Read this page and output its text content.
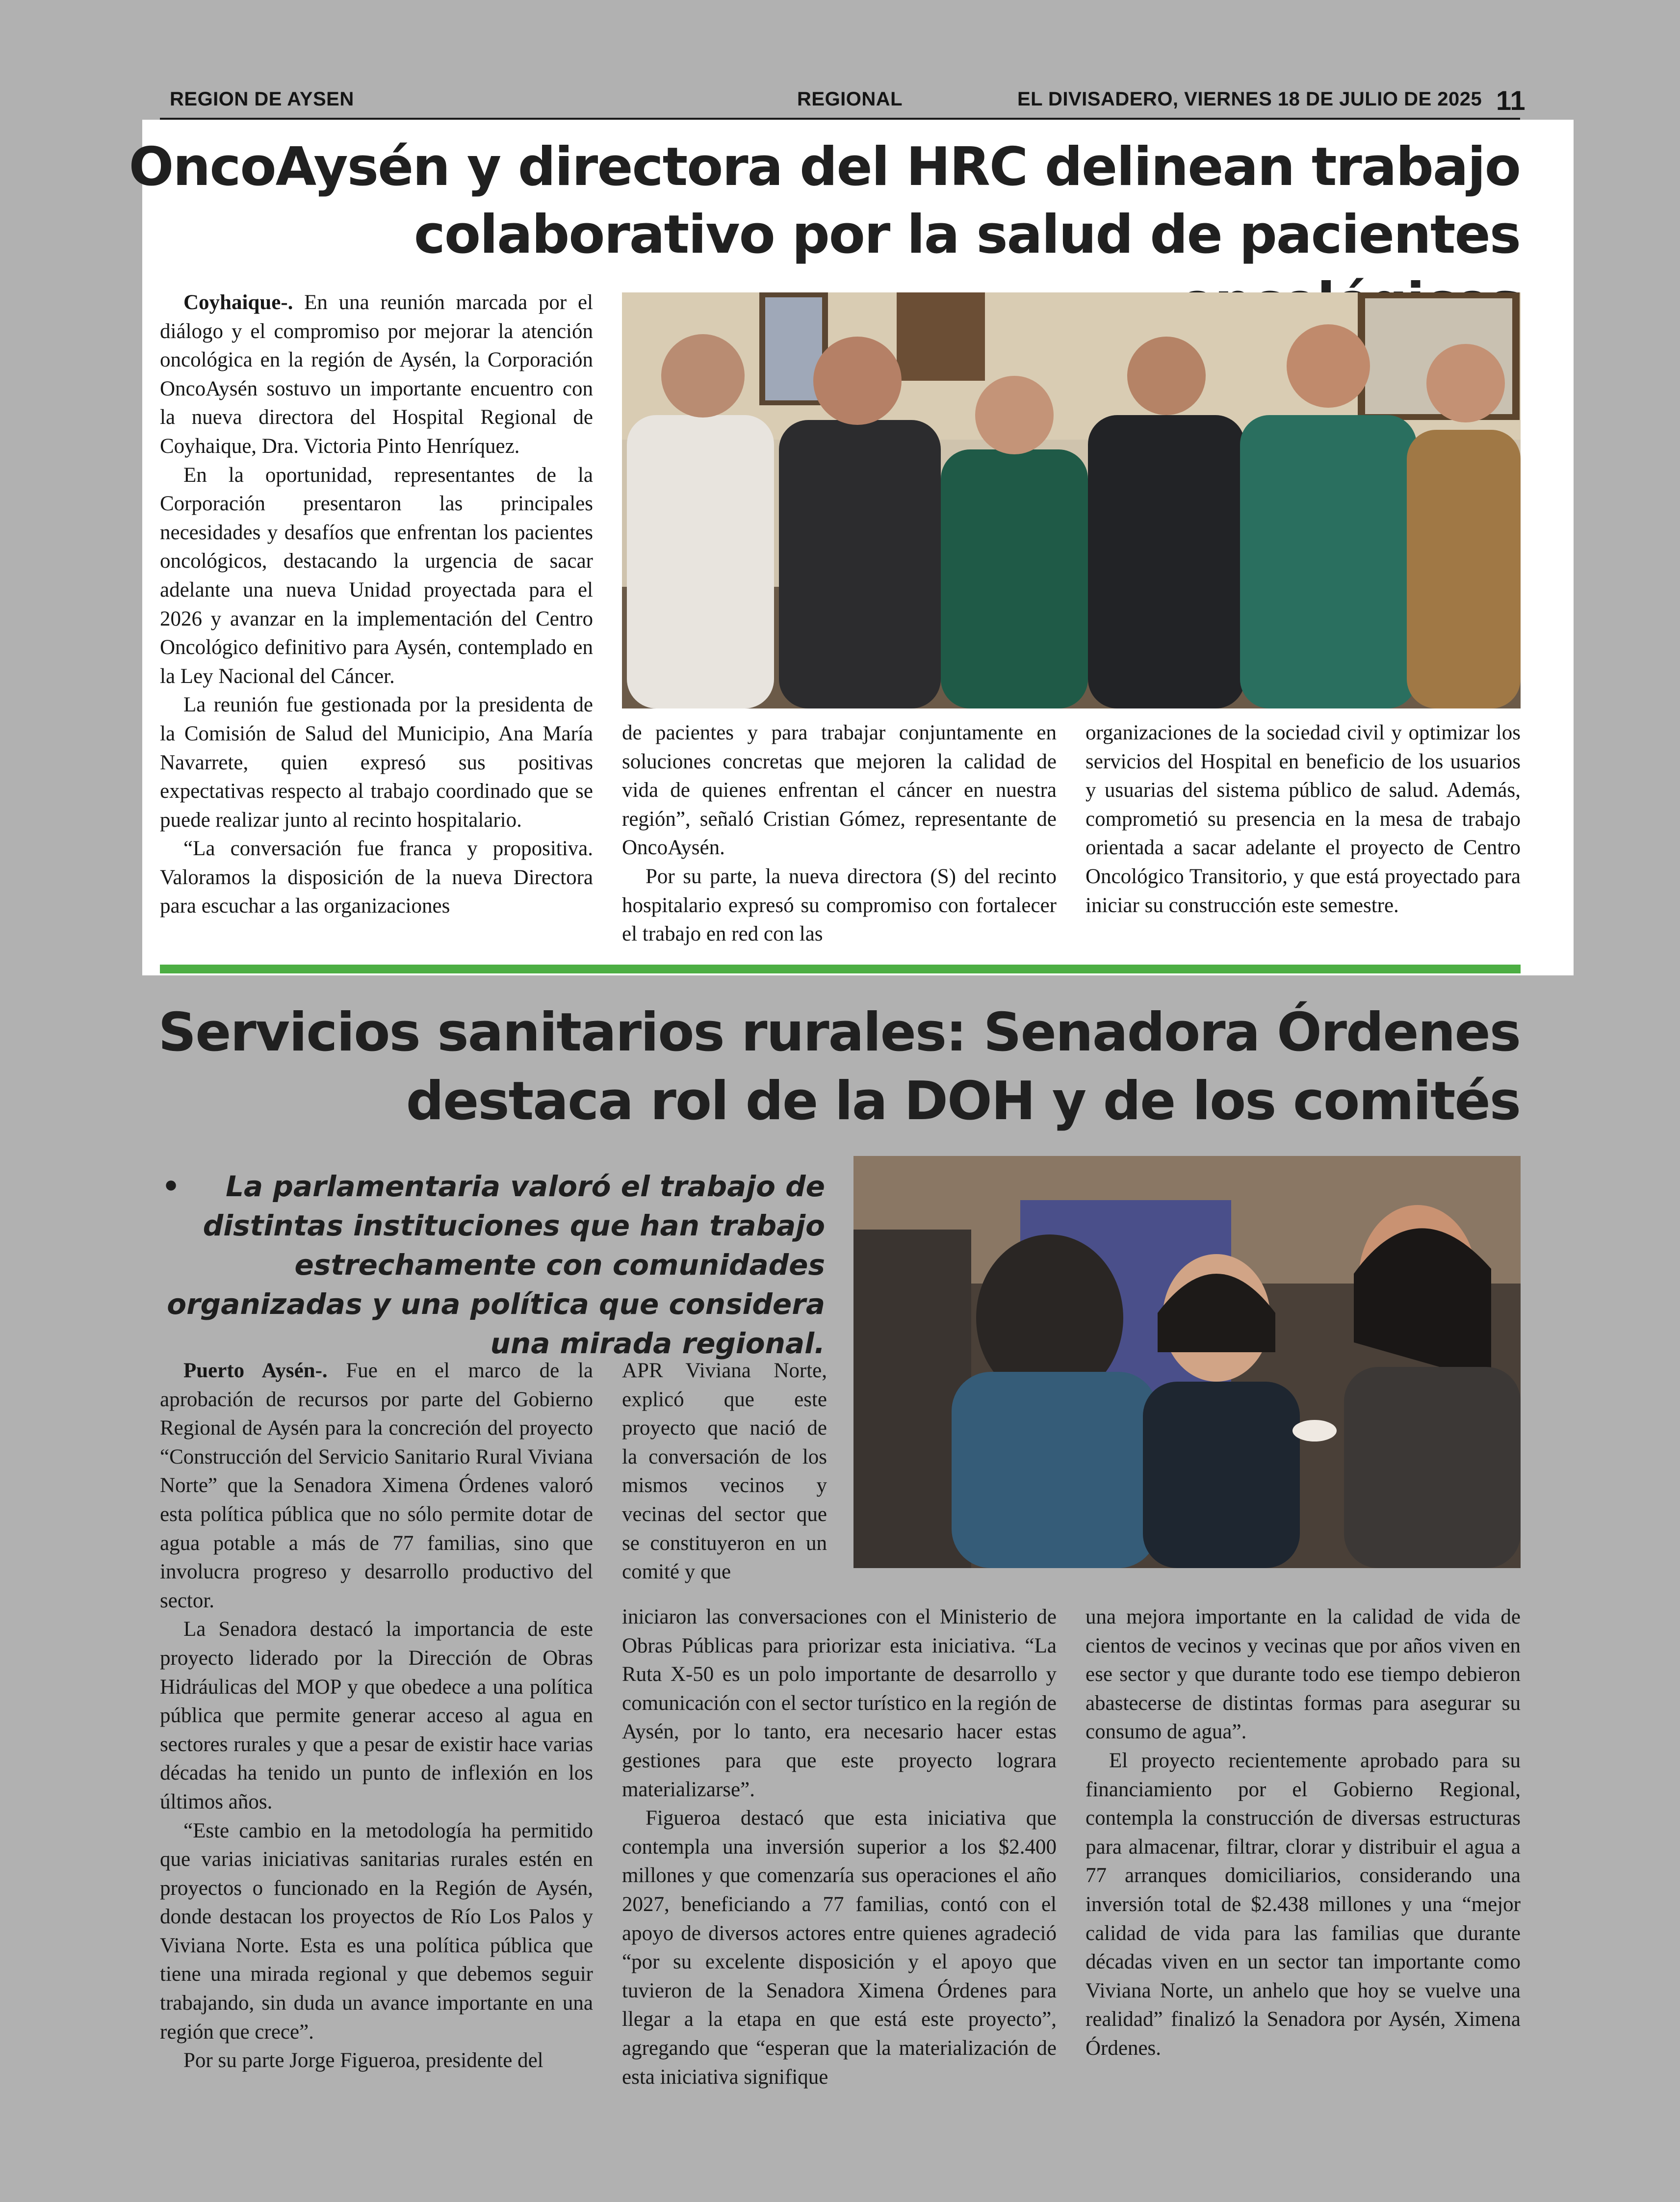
REGION DE AYSEN	REGIONAL	EL DIVISADERO, VIERNES 18 DE JULIO DE 2025 11
OncoAysén y directora del HRC delinean trabajo colaborativo por la salud de pacientes

Coyhaique-. En una reunión marcada por el diálogo y el compromiso por mejorar la atención oncológica en la región de Aysén, la Corporación OncoAysén sostuvo un importante encuentro con la nueva directora del Hospital Regional de Coyhaique, Dra. Victoria Pinto Henríquez.

En la oportunidad, representantes de la Corporación presentaron las principales necesidades y desafíos que enfrentan los pacientes oncológicos, destacando la urgencia de sacar adelante una nueva Unidad proyectada para el 2026 y avanzar en la implementación del Centro Oncológico definitivo para Aysén, contemplado en la Ley Nacional del Cáncer.

La reunión fue gestionada por la presidenta de la Comisión de Salud del Municipio, Ana María Navarrete, quien expresó sus positivas expectativas respecto al trabajo coordinado que se puede realizar junto al recinto hospitalario.

“La conversación fue franca y propositiva. Valoramos la disposición de la nueva Directora para escuchar a las organizaciones

de pacientes y para trabajar conjuntamente en soluciones concretas que mejoren la calidad de vida de quienes enfrentan el cáncer en nuestra región”, señaló Cristian Gómez, representante de OncoAysén.

Por su parte, la nueva directora (S) del recinto hospitalario expresó su compromiso con fortalecer el trabajo en red con las

organizaciones de la sociedad civil y optimizar los servicios del Hospital en beneficio de los usuarios y usuarias del sistema público de salud. Además, comprometió su presencia en la mesa de trabajo orientada a sacar adelante el proyecto de Centro Oncológico Transitorio, y que está proyectado para iniciar su construcción este semestre.

Servicios sanitarios rurales: Senadora Órdenes destaca rol de la DOH y de los comités
• La parlamentaria valoró el trabajo de distintas instituciones que han trabajo estrechamente con comunidades organizadas y una política que considera una mirada regional.

Puerto Aysén-. Fue en el marco de la aprobación de recursos por parte del Gobierno Regional de Aysén para la concreción del proyecto “Construcción del Servicio Sanitario Rural Viviana Norte” que la Senadora Ximena Órdenes valoró esta política pública que no sólo permite dotar de agua potable a más de 77 familias, sino que involucra progreso y desarrollo productivo del sector.

La Senadora destacó la importancia de este proyecto liderado por la Dirección de Obras Hidráulicas del MOP y que obedece a una política pública que permite generar acceso al agua en sectores rurales y que a pesar de existir hace varias décadas ha tenido un punto de inflexión en los últimos años.

“Este cambio en la metodología ha permitido que varias iniciativas sanitarias rurales estén en proyectos o funcionado en la Región de Aysén, donde destacan los proyectos de Río Los Palos y Viviana Norte. Esta es una política pública que tiene una mirada regional y que debemos seguir trabajando, sin duda un avance importante en una región que crece”.

Por su parte Jorge Figueroa, presidente del

APR Viviana Norte, explicó que este proyecto que nació de la conversación de los mismos vecinos y vecinas del sector que se constituyeron en un comité y que

iniciaron las conversaciones con el Ministerio de Obras Públicas para priorizar esta iniciativa. “La Ruta X-50 es un polo importante de desarrollo y comunicación con el sector turístico en la región de Aysén, por lo tanto, era necesario hacer estas gestiones para que este proyecto lograra materializarse”.

Figueroa destacó que esta iniciativa que contempla una inversión superior a los $2.400 millones y que comenzaría sus operaciones el año 2027, beneficiando a 77 familias, contó con el apoyo de diversos actores entre quienes agradeció “por su excelente disposición y el apoyo que tuvieron de la Senadora Ximena Órdenes para llegar a la etapa en que está este proyecto”, agregando que “esperan que la materialización de esta iniciativa signifique

una mejora importante en la calidad de vida de cientos de vecinos y vecinas que por años viven en ese sector y que durante todo ese tiempo debieron abastecerse de distintas formas para asegurar su consumo de agua”.

El proyecto recientemente aprobado para su financiamiento por el Gobierno Regional, contempla la construcción de diversas estructuras para almacenar, filtrar, clorar y distribuir el agua a 77 arranques domiciliarios, considerando una inversión total de $2.438 millones y una “mejor calidad de vida para las familias que durante décadas viven en un sector tan importante como Viviana Norte, un anhelo que hoy se vuelve una realidad” finalizó la Senadora por Aysén, Ximena Órdenes.
